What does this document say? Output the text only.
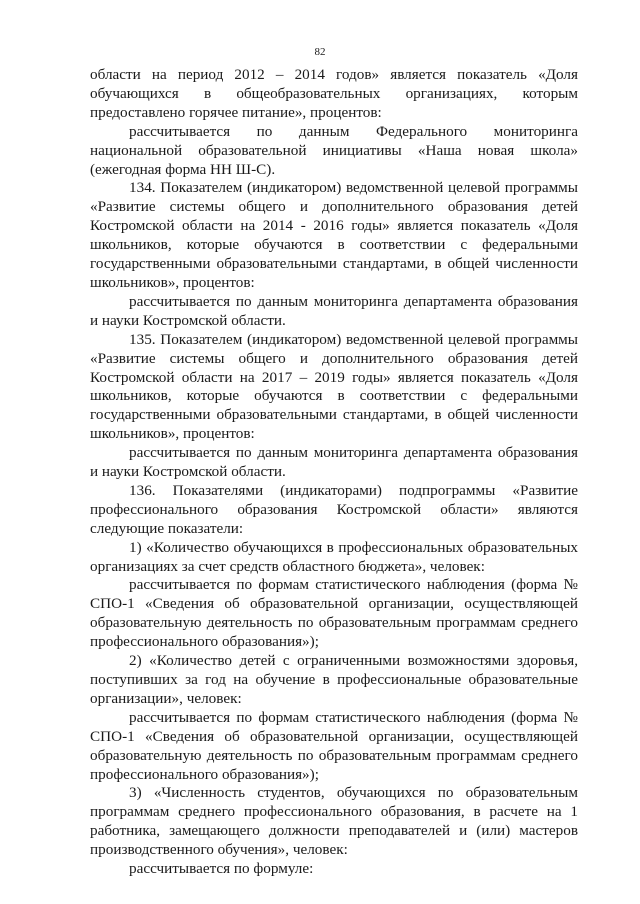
82

области на период 2012 – 2014 годов» является показатель «Доля обучающихся в общеобразовательных организациях, которым предоставлено горячее питание», процентов:

рассчитывается по данным Федерального мониторинга национальной образовательной инициативы «Наша новая школа» (ежегодная форма НН Ш-С).

134. Показателем (индикатором) ведомственной целевой программы «Развитие системы общего и дополнительного образования детей Костромской области на 2014 - 2016 годы» является показатель «Доля школьников, которые обучаются в соответствии с федеральными государственными образовательными стандартами, в общей численности школьников», процентов:

рассчитывается по данным мониторинга департамента образования и науки Костромской области.

135. Показателем (индикатором) ведомственной целевой программы «Развитие системы общего и дополнительного образования детей Костромской области на 2017 – 2019 годы» является показатель «Доля школьников, которые обучаются в соответствии с федеральными государственными образовательными стандартами, в общей численности школьников», процентов:

рассчитывается по данным мониторинга департамента образования и науки Костромской области.

136. Показателями (индикаторами) подпрограммы «Развитие профессионального образования Костромской области» являются следующие показатели:

1) «Количество обучающихся в профессиональных образовательных организациях за счет средств областного бюджета», человек:

рассчитывается по формам статистического наблюдения (форма № СПО-1 «Сведения об образовательной организации, осуществляющей образовательную деятельность по образовательным программам среднего профессионального образования»);

2) «Количество детей с ограниченными возможностями здоровья, поступивших за год на обучение в профессиональные образовательные организации», человек:

рассчитывается по формам статистического наблюдения (форма № СПО-1 «Сведения об образовательной организации, осуществляющей образовательную деятельность по образовательным программам среднего профессионального образования»);

3) «Численность студентов, обучающихся по образовательным программам среднего профессионального образования, в расчете на 1 работника, замещающего должности преподавателей и (или) мастеров производственного обучения», человек:

рассчитывается по формуле:
